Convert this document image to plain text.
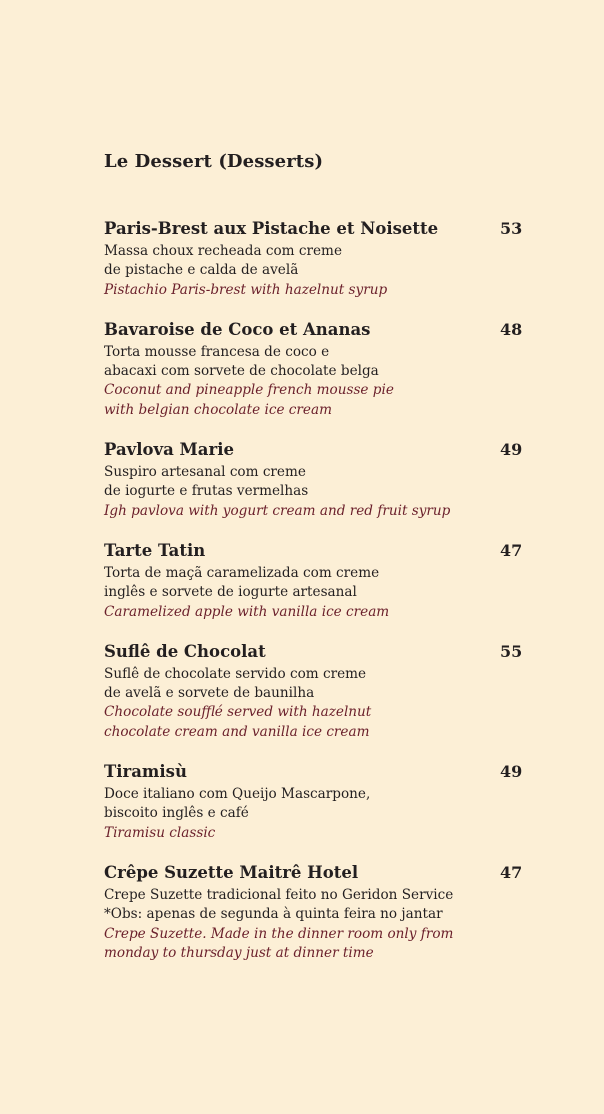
Le Dessert (Desserts)
Paris-Brest aux Pistache et Noisette	53
Massa choux recheada com creme
de pistache e calda de avelã
Pistachio Paris-brest with hazelnut syrup
Bavaroise de Coco et Ananas	48
Torta mousse francesa de coco e
abacaxi com sorvete de chocolate belga
Coconut and pineapple french mousse pie
with belgian chocolate ice cream
Pavlova Marie	49
Suspiro artesanal com creme
de iogurte e frutas vermelhas
Igh pavlova with yogurt cream and red fruit syrup
Tarte Tatin	47
Torta de maçã caramelizada com creme
inglês e sorvete de iogurte artesanal
Caramelized apple with vanilla ice cream
Suflê de Chocolat	55
Suflê de chocolate servido com creme
de avelã e sorvete de baunilha
Chocolate soufflé served with hazelnut
chocolate cream and vanilla ice cream
Tiramisù	49
Doce italiano com Queijo Mascarpone,
biscoito inglês e café
Tiramisu classic
Crêpe Suzette Maitrê Hotel	47
Crepe Suzette tradicional feito no Geridon Service
*Obs: apenas de segunda à quinta feira no jantar
Crepe Suzette. Made in the dinner room only from
monday to thursday just at dinner time
